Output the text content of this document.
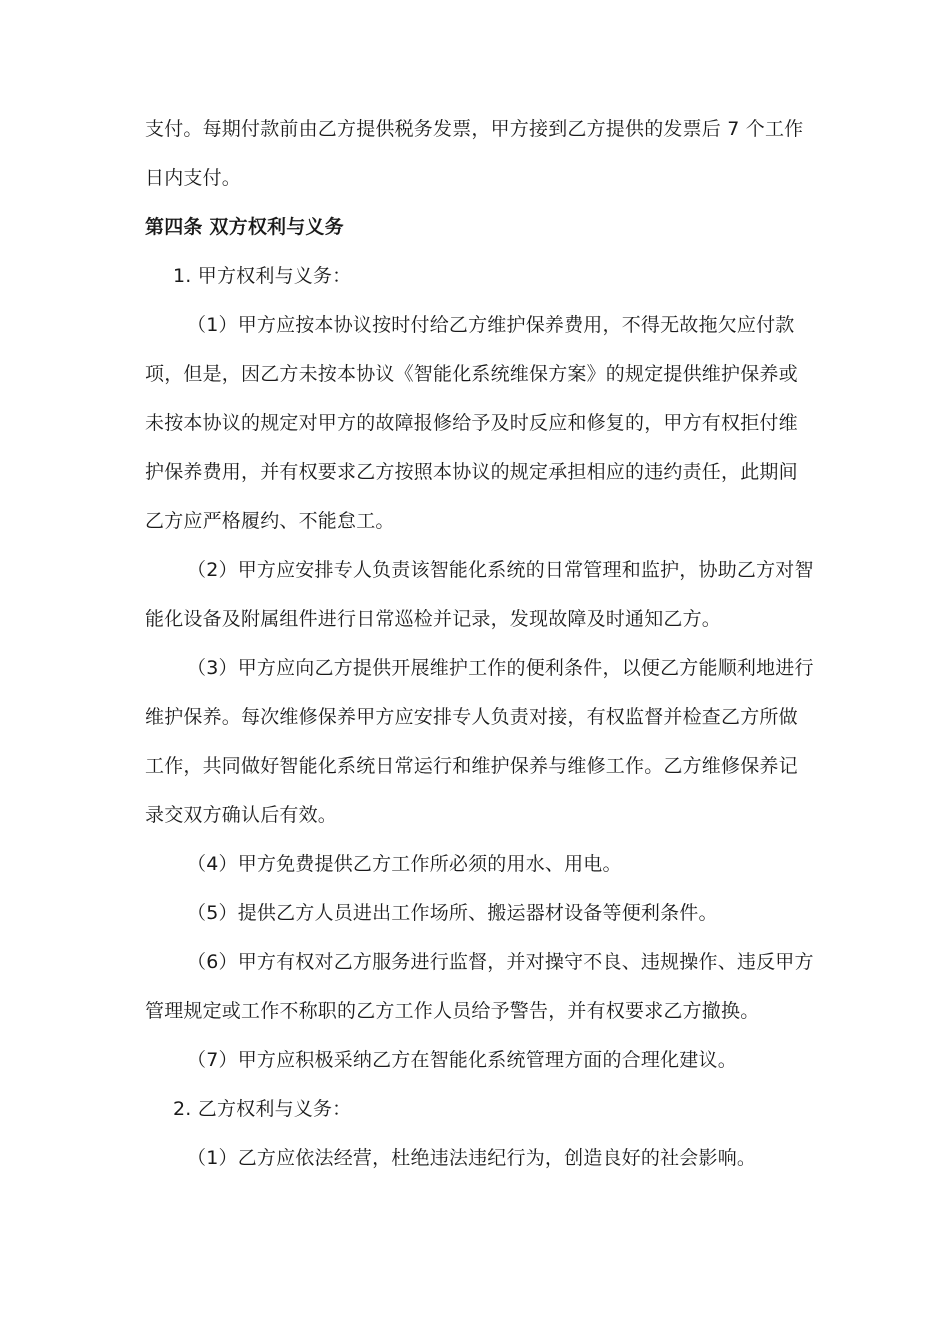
支付。每期付款前由乙方提供税务发票，甲方接到乙方提供的发票后 7 个工作
日内支付。
第四条 双方权利与义务
1. 甲方权利与义务：
（1）甲方应按本协议按时付给乙方维护保养费用，不得无故拖欠应付款
项，但是，因乙方未按本协议《智能化系统维保方案》的规定提供维护保养或
未按本协议的规定对甲方的故障报修给予及时反应和修复的，甲方有权拒付维
护保养费用，并有权要求乙方按照本协议的规定承担相应的违约责任，此期间
乙方应严格履约、不能怠工。
（2）甲方应安排专人负责该智能化系统的日常管理和监护，协助乙方对智
能化设备及附属组件进行日常巡检并记录，发现故障及时通知乙方。
（3）甲方应向乙方提供开展维护工作的便利条件，以便乙方能顺利地进行
维护保养。每次维修保养甲方应安排专人负责对接，有权监督并检查乙方所做
工作，共同做好智能化系统日常运行和维护保养与维修工作。乙方维修保养记
录交双方确认后有效。
（4）甲方免费提供乙方工作所必须的用水、用电。
（5）提供乙方人员进出工作场所、搬运器材设备等便利条件。
（6）甲方有权对乙方服务进行监督，并对操守不良、违规操作、违反甲方
管理规定或工作不称职的乙方工作人员给予警告，并有权要求乙方撤换。
（7）甲方应积极采纳乙方在智能化系统管理方面的合理化建议。
2. 乙方权利与义务：
（1）乙方应依法经营，杜绝违法违纪行为，创造良好的社会影响。
